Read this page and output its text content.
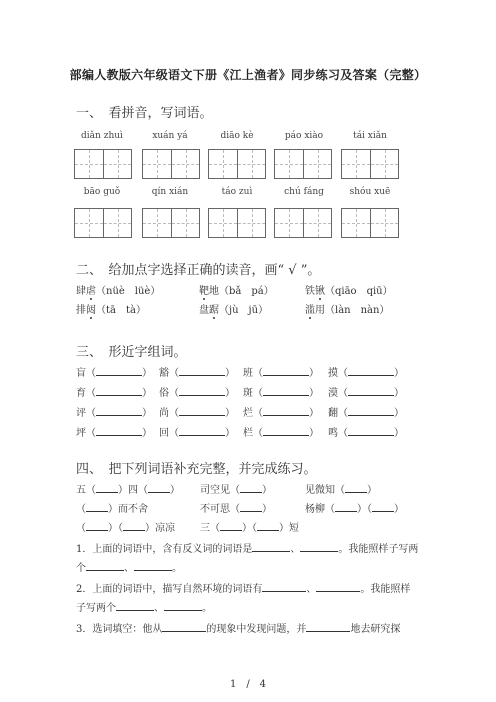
部编人教版六年级语文下册《江上渔者》同步练习及答案（完整）
一、　看拼音，写词语。
diǎn zhuì	xuán yá	diāo kè	páo xiào	tái xiǎn
bāo guǒ	qín xián	táo zuì	chú fáng	shóu xuē
二、　给加点字选择正确的读音，画“ √ ”。
肆虐（nüè　lüè）	靶地（bǎ　pá）	铁锹（qiāo　qiū）
排闼（tā　tà）	盘踞（jù　jū）	滥用（làn　nàn）
三、　形近字组词。
盲（	） 豁（	） 班（	） 摸（	）
育（	） 俗（	） 斑（	） 漠（	）
评（	） 尚（	） 烂（	） 翻（	）
坪（	） 回（	） 栏（	） 鸣（	）
四、　把下列词语补充完整，并完成练习。
五（ ）四（ ） 司空见（ ）	见微知（ ）
（ ）而不舍	不可思（ ）	杨柳（ ）（ ）
（ ）（ ）凉凉	三（ ）（ ）短
1．上面的词语中，含有反义词的词语是	、	。我能照样子写两
个	、	。
2．上面的词语中，描写自然环境的词语有	、	。我能照样
子写两个	、	。
3．选词填空：他从	的现象中发现问题，并	地去研究探
1　/　4
